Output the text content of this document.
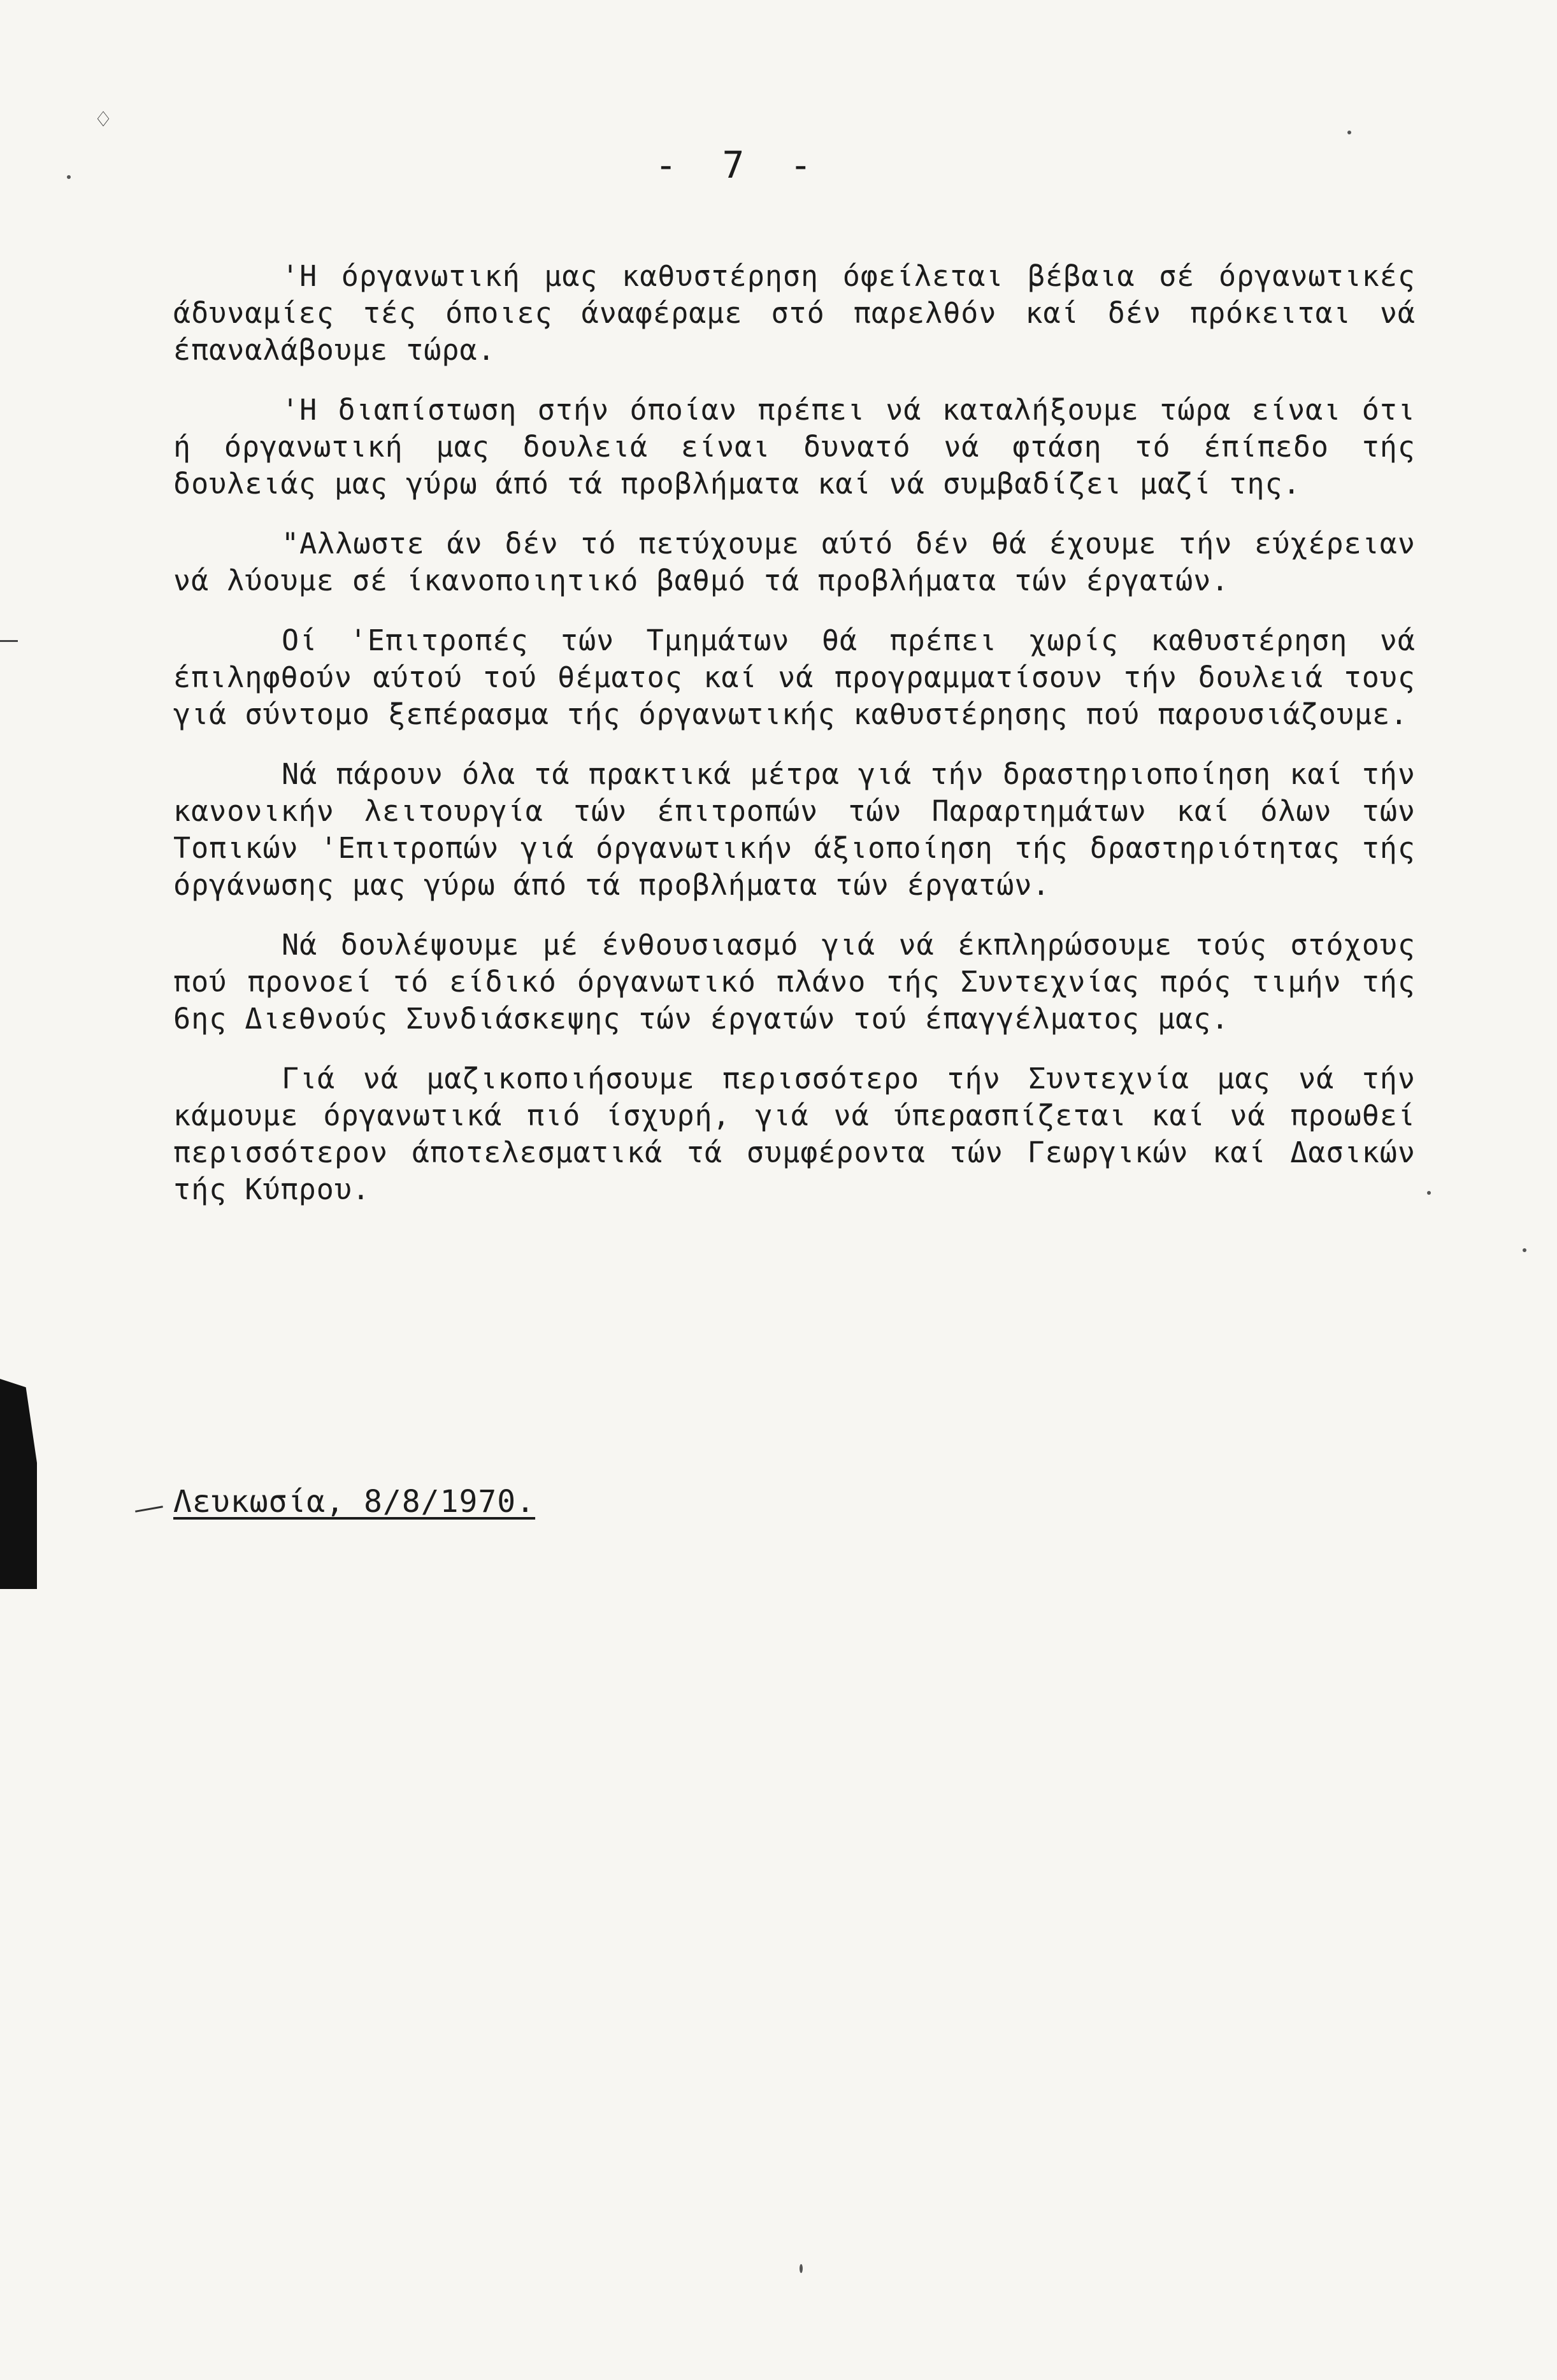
♢
- 7 -

'Η όργανωτική μας καθυστέρηση όφείλεται βέβαια σέ όργανωτικές άδυναμίες τές όποιες άναφέραμε στό παρελθόν καί δέν πρόκειται νά έπαναλάβουμε τώρα.

'Η διαπίστωση στήν όποίαν πρέπει νά καταλήξουμε τώρα είναι ότι ή όργανωτική μας δουλειά είναι δυνατό νά φτάση τό έπίπεδο τής δουλειάς μας γύρω άπό τά προβλήματα καί νά συμβαδίζει μαζί της.

"Αλλωστε άν δέν τό πετύχουμε αύτό δέν θά έχουμε τήν εύχέρειαν νά λύουμε σέ ίκανοποιητικό βαθμό τά προβλήματα τών έργατών.

Οί 'Επιτροπές τών Τμημάτων θά πρέπει χωρίς καθυστέρηση νά έπιληφθούν αύτού τού θέματος καί νά προγραμματίσουν τήν δουλειά τους γιά σύντομο ξεπέρασμα τής όργανωτικής καθυστέρησης πού παρουσιάζουμε.

Νά πάρουν όλα τά πρακτικά μέτρα γιά τήν δραστηριοποίηση καί τήν κανονικήν λειτουργία τών έπιτροπών τών Παραρτημάτων καί όλων τών Τοπικών 'Επιτροπών γιά όργανωτικήν άξιοποίηση τής δραστηριότητας τής όργάνωσης μας γύρω άπό τά προβλήματα τών έργατών.

Νά δουλέψουμε μέ ένθουσιασμό γιά νά έκπληρώσουμε τούς στόχους πού προνοεί τό είδικό όργανωτικό πλάνο τής Συντεχνίας πρός τιμήν τής 6ης Διεθνούς Συνδιάσκεψης τών έργατών τού έπαγγέλματος μας.

Γιά νά μαζικοποιήσουμε περισσότερο τήν Συντεχνία μας νά τήν κάμουμε όργανωτικά πιό ίσχυρή, γιά νά ύπερασπίζεται καί νά προωθεί περισσότερον άποτελεσματικά τά συμφέροντα τών Γεωργικών καί Δασικών τής Κύπρου.

Λευκωσία, 8/8/1970.
